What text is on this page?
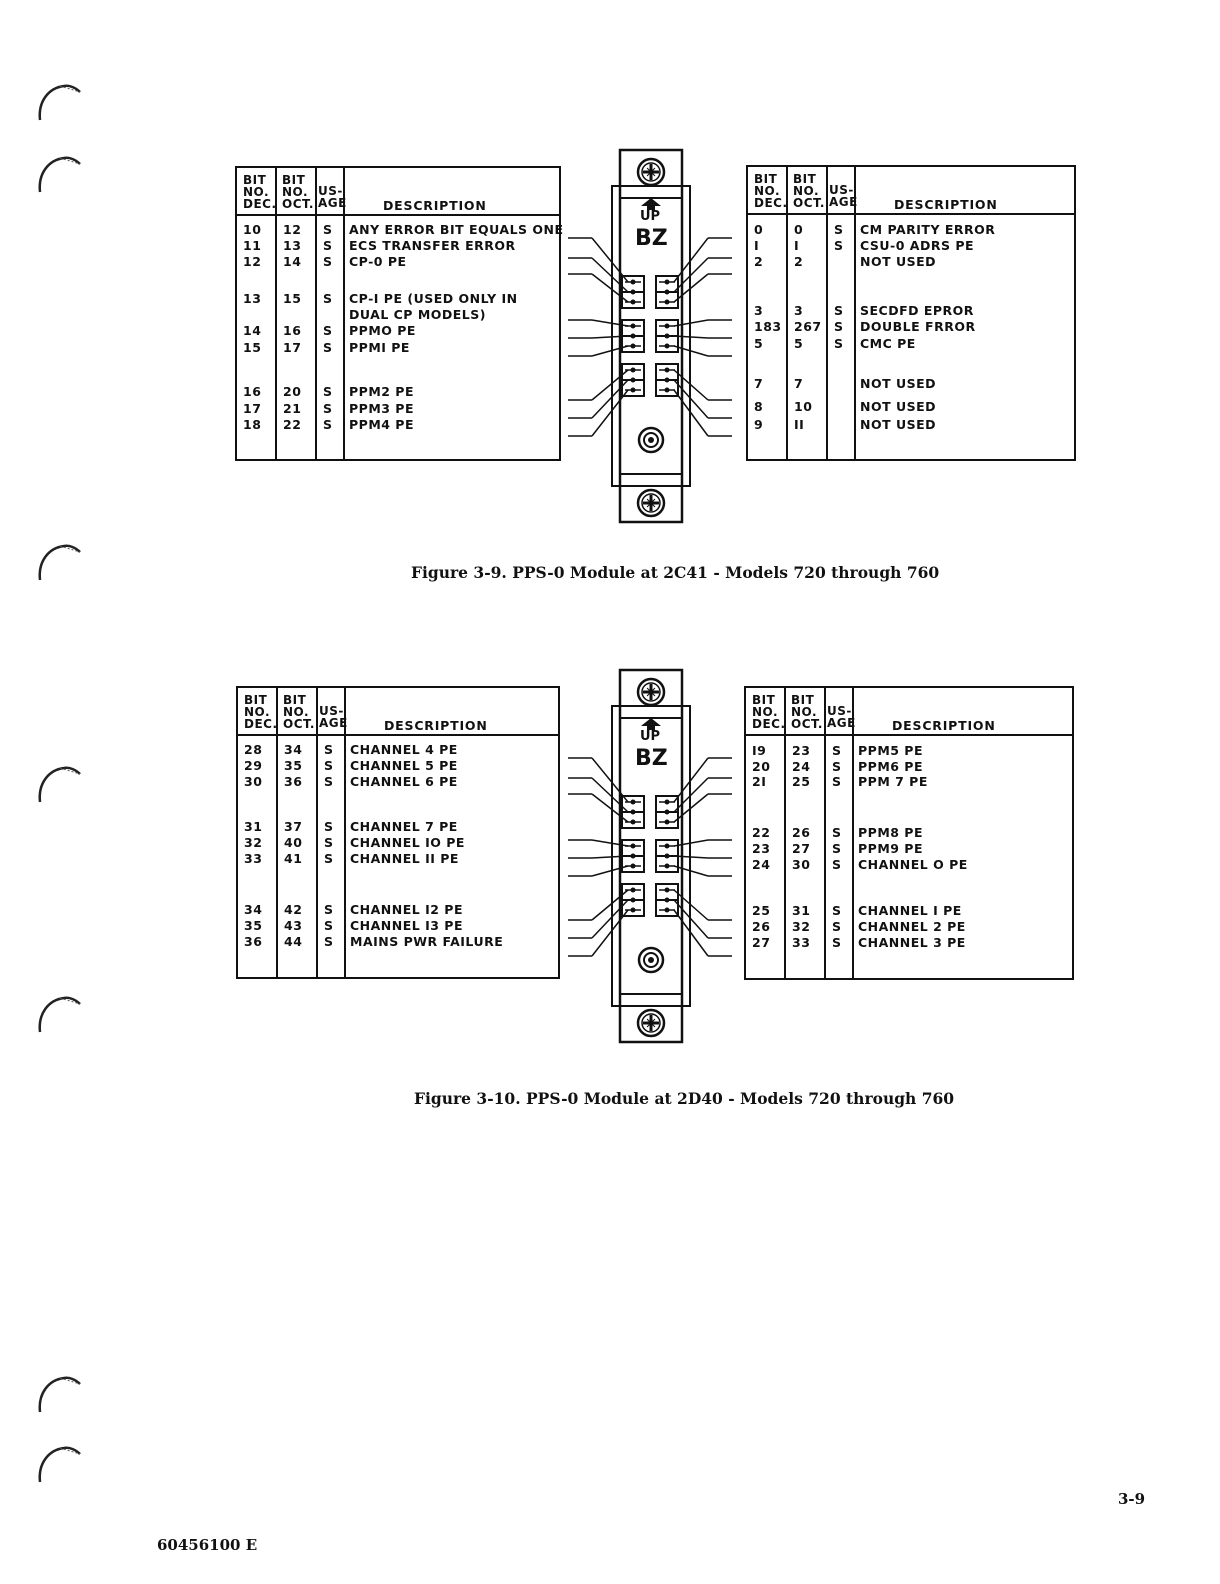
BIT
NO.
DEC.
BIT
NO.
OCT.
US-
AGE	DESCRIPTION
10 12 S ANY ERROR BIT EQUALS ONE
11 13 S ECS TRANSFER ERROR
12 14 S CP-0 PE
13 15 S CP-I PE (USED ONLY IN
DUAL CP MODELS)
14 16 S PPMO PE
15 17 S PPMI PE
16 20 S PPM2 PE
17 21 S PPM3 PE
18 22 S PPM4 PE
UP
BZ
BIT
NO.
DEC.
BIT
NO.
OCT.
US-
AGE	DESCRIPTION
0 0 S CM PARITY ERROR
I	I	S CSU-0 ADRS PE
2 2	NOT USED
3 3 S SECDFD EPROR
183 267 S DOUBLE FRROR
5 5 S CMC PE
7 7	NOT USED
8 10	NOT USED
9 II	NOT USED
Figure 3-9. PPS-0 Module at 2C41 - Models 720 through 760
BIT
NO.
DEC.
BIT
NO.
OCT.
US-
AGE	DESCRIPTION
28 34 S CHANNEL 4 PE
29 35 S CHANNEL 5 PE
30 36 S CHANNEL 6 PE
31 37 S CHANNEL 7 PE
32 40 S CHANNEL IO PE
33 41 S CHANNEL II PE
34 42 S CHANNEL I2 PE
35 43 S CHANNEL I3 PE
36 44 S MAINS PWR FAILURE
UP
BZ
BIT
NO.
DEC.
BIT
NO.
OCT.
US-
AGE	DESCRIPTION
I9 23 S PPM5 PE
20 24 S PPM6 PE
2I 25 S PPM 7 PE
22 26 S PPM8 PE
23 27 S PPM9 PE
24 30 S CHANNEL O PE
25 31 S CHANNEL I PE
26 32 S CHANNEL 2 PE
27 33 S CHANNEL 3 PE
Figure 3-10. PPS-0 Module at 2D40 - Models 720 through 760
3-9
60456100 E
